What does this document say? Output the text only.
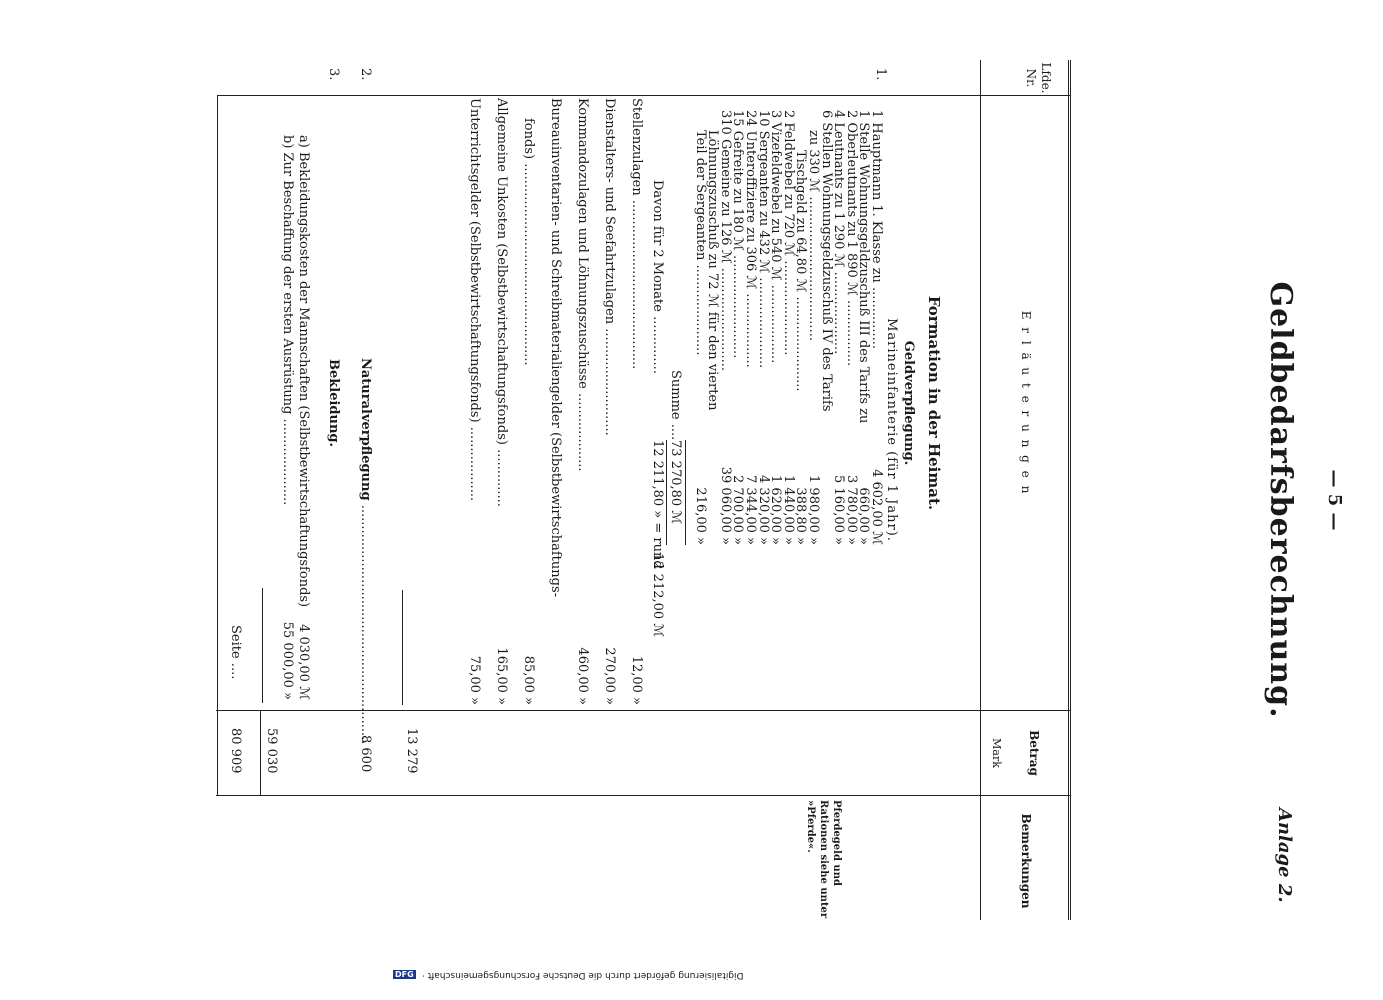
— 5 —
Anlage 2.
Geldbedarfsberechnung.
Lfde.
Nr.
E r l ä u t e r u n g e n
Betrag
Mark
Bemerkungen
Formation in der Heimat.
Geldverpflegung.
Marineinfanterie (für 1 Jahr).
1.
1 Hauptmann 1. Klasse zu ...............
4 602,00 ℳ
1 Stelle Wohnungsgeldzuschuß III des Tarifs zu
660,00 »
2 Oberleutnants zu 1 890 ℳ ................
3 780,00 »
4 Leutnants zu 1 290 ℳ ....................
5 160,00 »
6 Stellen Wohnungsgeldzuschuß IV des Tarifs
zu 330 ℳ ...................................
1 980,00 »
Tischgeld zu 64,80 ℳ .......................
388,80 »
2 Feldwebel zu 720 ℳ .......................
1 440,00 »
3 Vizefeldwebel zu 540 ℳ ...................
1 620,00 »
10 Sergeanten zu 432 ℳ ......................
4 320,00 »
24 Unteroffiziere zu 306 ℳ ..................
7 344,00 »
15 Gefreite zu 180 ℳ .........................
2 700,00 »
310 Gemeine zu 126 ℳ .........................
39 060,00 »
Löhnungszuschuß zu 72 ℳ für den vierten
Teil der Sergeanten ......................
216,00 »
Summe ....
73 270,80 ℳ
Davon für 2 Monate ..............
12 211,80 » = rund
12 212,00 ℳ
Stellenzulagen .........................................
12,00 »
Dienstalters- und Seefahrtzulagen ..........................
270,00 »
Kommandozulagen und Löhnungszuschüsse ...................
460,00 »
Bureauinventarien- und Schreibmaterialiengelder (Selbstbewirtschaftungs-
fonds) .................................................
85,00 »
Allgemeine Unkosten (Selbstbewirtschaftungsfonds) ..............
165,00 »
Unterrichtsgelder (Selbstbewirtschaftungsfonds) ..................
75,00 »
13 279
2.
Naturalverpflegung ..........................................................
8 600
3.
Bekleidung.
a) Bekleidungskosten der Mannschaften (Selbstbewirtschaftungsfonds)
4 030,00 ℳ
b) Zur Beschaffung der ersten Ausrüstung .....................
55 000,00 »
59 030
Seite ....
80 909
Pferdegeld und Rationen siehe unter »Pferde«.
DFG Digitalisierung gefördert durch die Deutsche Forschungsgemeinschaft ·
